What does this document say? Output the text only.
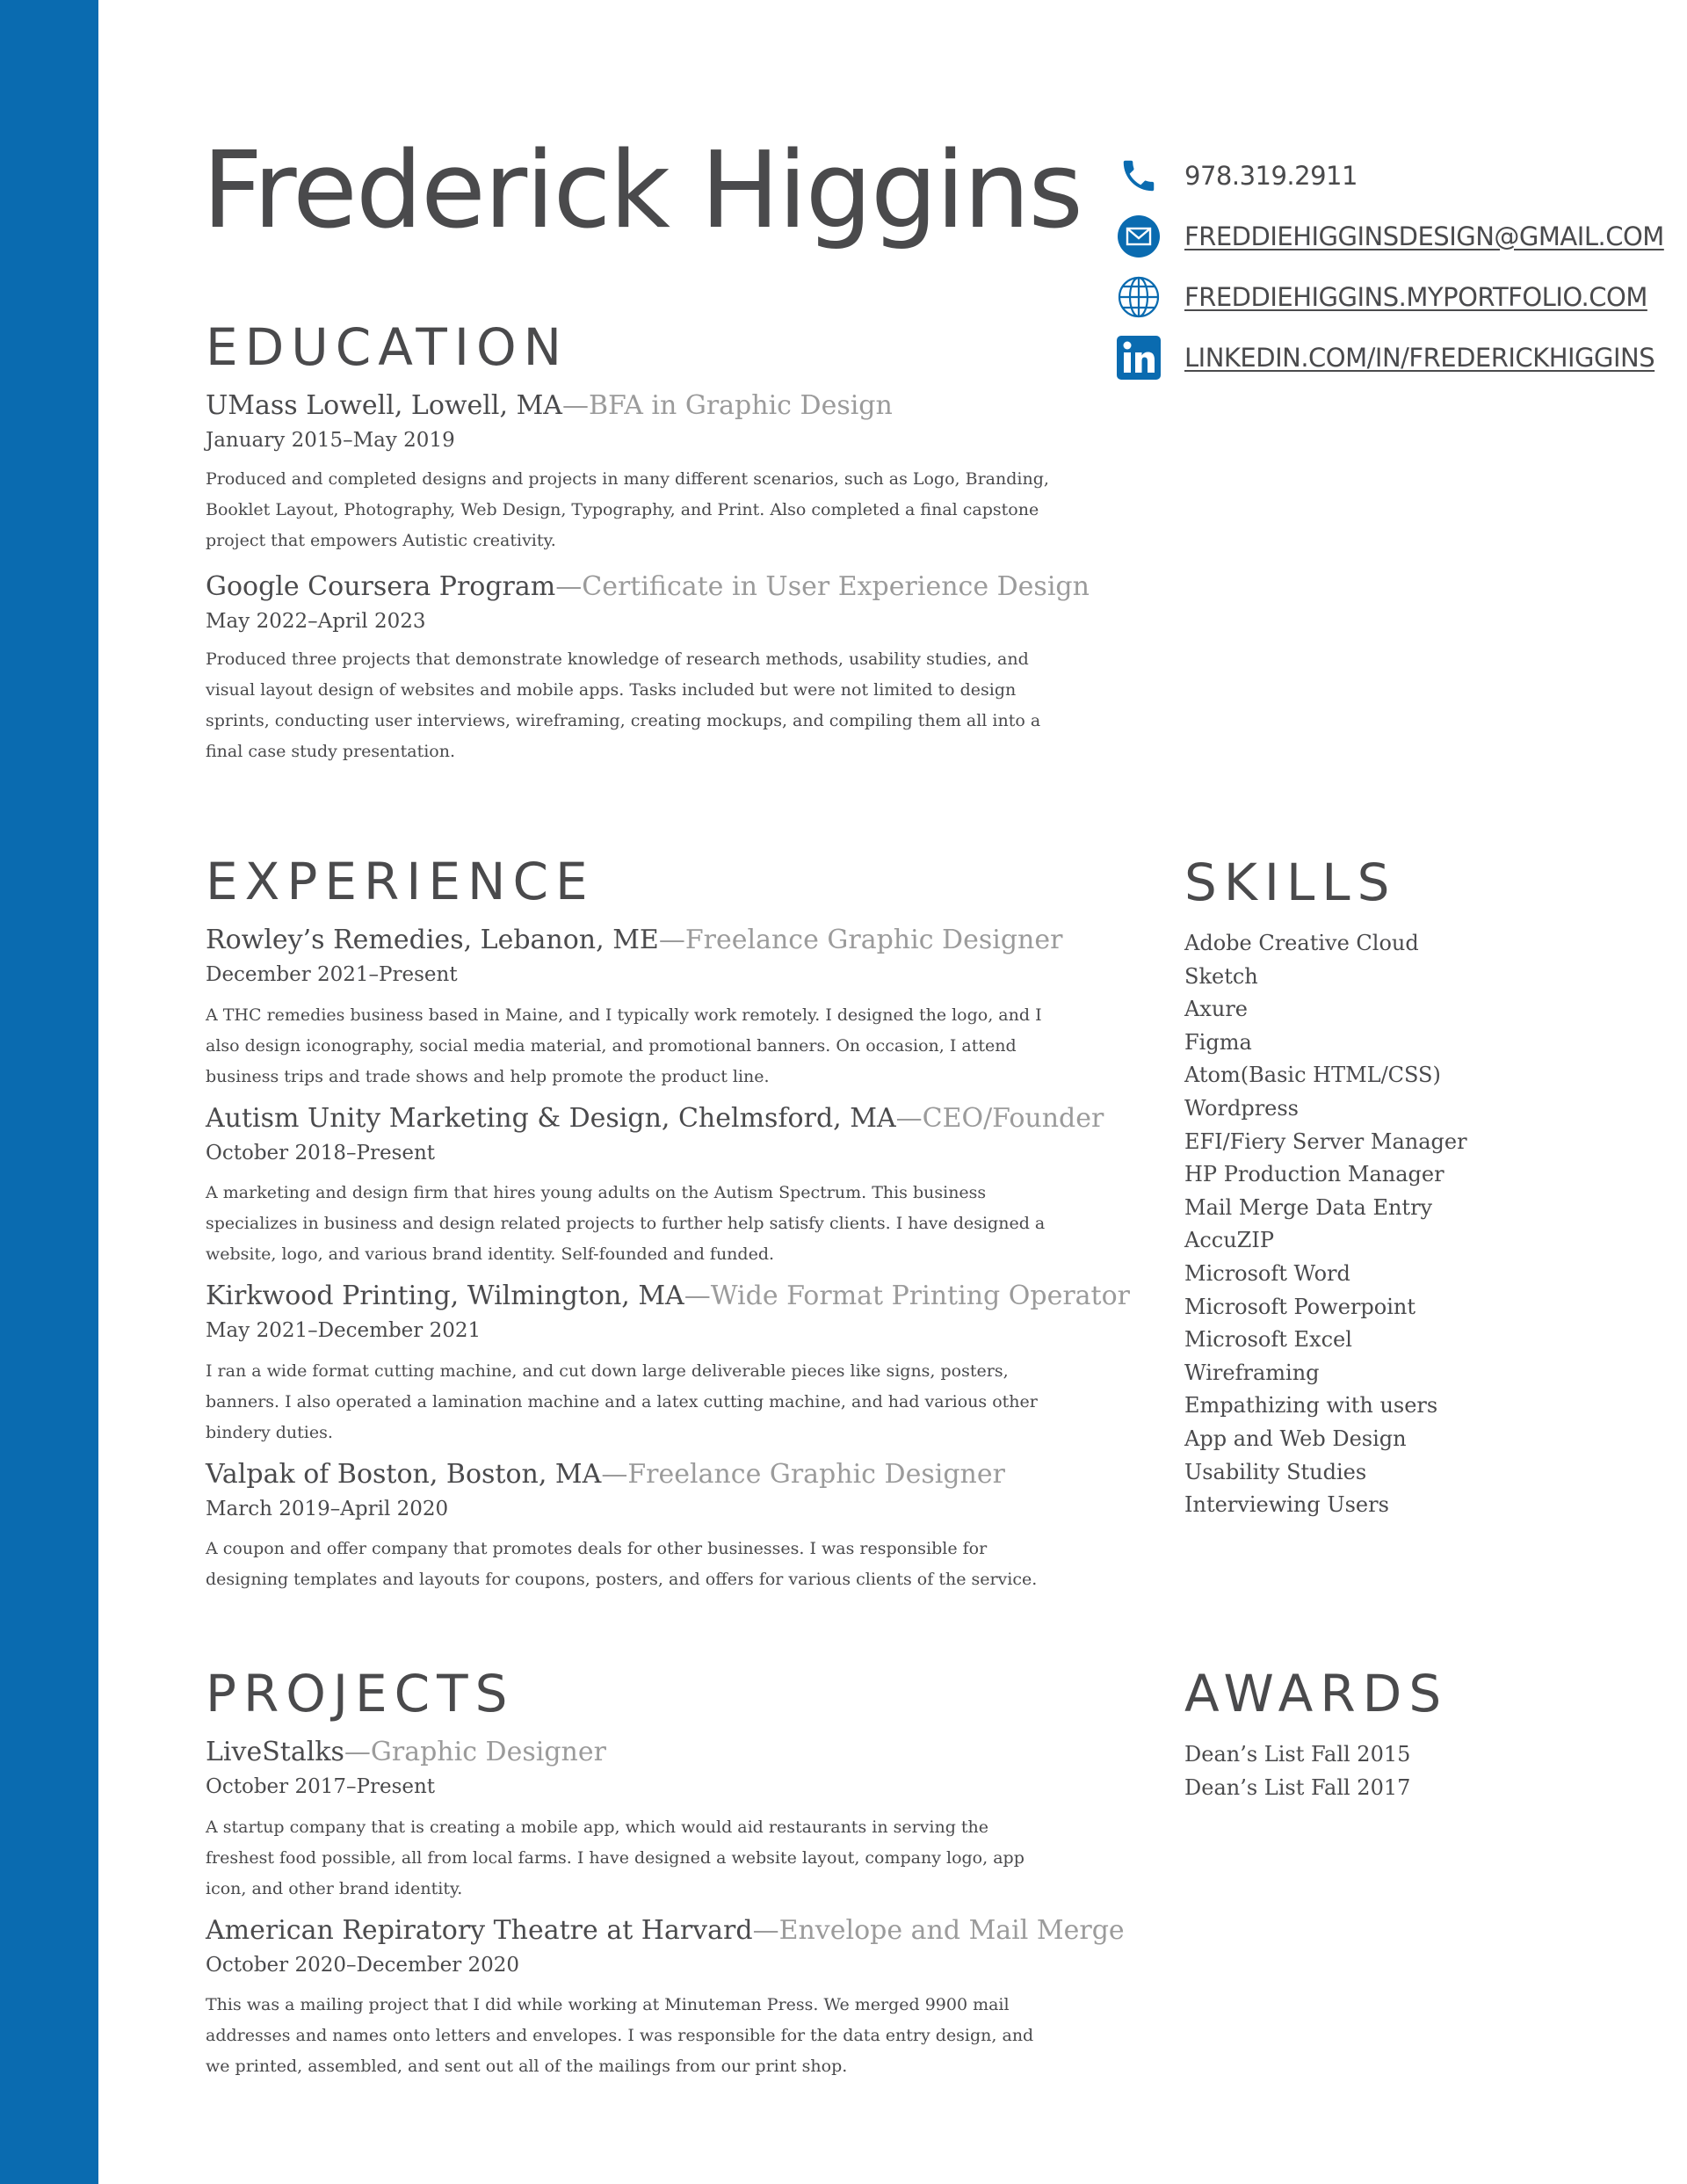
Frederick Higgins	978.319.2911
FREDDIEHIGGINSDESIGN@GMAIL.COM
FREDDIEHIGGINS.MYPORTFOLIO.COM
LINKEDIN.COM/IN/FREDERICKHIGGINS
EDUCATION
UMass Lowell, Lowell, MA—BFA in Graphic Design
January 2015–May 2019

Produced and completed designs and projects in many different scenarios, such as Logo, Branding, Booklet Layout, Photography, Web Design, Typography, and Print. Also completed a final capstone project that empowers Autistic creativity.

Google Coursera Program—Certificate in User Experience Design
May 2022–April 2023

Produced three projects that demonstrate knowledge of research methods, usability studies, and visual layout design of websites and mobile apps. Tasks included but were not limited to design sprints, conducting user interviews, wireframing, creating mockups, and compiling them all into a final case study presentation.

EXPERIENCE
Rowley’s Remedies, Lebanon, ME—Freelance Graphic Designer
December 2021–Present

A THC remedies business based in Maine, and I typically work remotely. I designed the logo, and I also design iconography, social media material, and promotional banners. On occasion, I attend business trips and trade shows and help promote the product line.

Autism Unity Marketing & Design, Chelmsford, MA—CEO/Founder
October 2018–Present

A marketing and design firm that hires young adults on the Autism Spectrum. This business specializes in business and design related projects to further help satisfy clients. I have designed a website, logo, and various brand identity. Self-founded and funded.

Kirkwood Printing, Wilmington, MA—Wide Format Printing Operator
May 2021–December 2021

I ran a wide format cutting machine, and cut down large deliverable pieces like signs, posters, banners. I also operated a lamination machine and a latex cutting machine, and had various other bindery duties.

Valpak of Boston, Boston, MA—Freelance Graphic Designer
March 2019–April 2020

A coupon and offer company that promotes deals for other businesses. I was responsible for designing templates and layouts for coupons, posters, and offers for various clients of the service.

PROJECTS
LiveStalks—Graphic Designer
October 2017–Present

A startup company that is creating a mobile app, which would aid restaurants in serving the freshest food possible, all from local farms. I have designed a website layout, company logo, app icon, and other brand identity.

American Repiratory Theatre at Harvard—Envelope and Mail Merge
October 2020–December 2020

This was a mailing project that I did while working at Minuteman Press. We merged 9900 mail addresses and names onto letters and envelopes. I was responsible for the data entry design, and we printed, assembled, and sent out all of the mailings from our print shop.

SKILLS
Adobe Creative Cloud
Sketch
Axure
Figma
Atom(Basic HTML/CSS)
Wordpress
EFI/Fiery Server Manager
HP Production Manager
Mail Merge Data Entry
AccuZIP
Microsoft Word
Microsoft Powerpoint
Microsoft Excel
Wireframing
Empathizing with users
App and Web Design
Usability Studies
Interviewing Users
AWARDS
Dean’s List Fall 2015
Dean’s List Fall 2017
